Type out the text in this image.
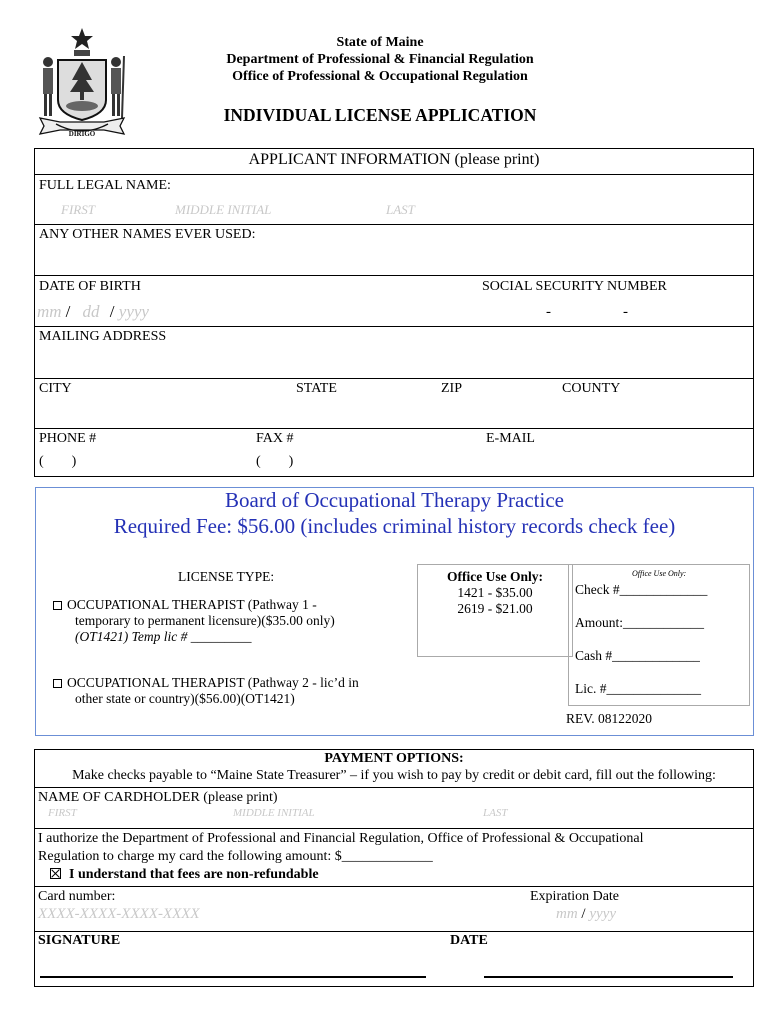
DIRIGO
State of Maine
Department of Professional & Financial Regulation
Office of Professional & Occupational Regulation
INDIVIDUAL LICENSE APPLICATION
APPLICANT INFORMATION (please print)
FULL LEGAL NAME:
FIRST	MIDDLE INITIAL	LAST
ANY OTHER NAMES EVER USED:
DATE OF BIRTH
mm / dd / yyyy
SOCIAL SECURITY NUMBER
-	-
MAILING ADDRESS
CITY	STATE	ZIP	COUNTY
PHONE #
(        )
FAX #
(        )
E-MAIL
Board of Occupational Therapy Practice
Required Fee: $56.00 (includes criminal history records check fee)
LICENSE TYPE:
OCCUPATIONAL THERAPIST (Pathway 1 -
temporary to permanent licensure)($35.00 only)
(OT1421) Temp lic # _________
OCCUPATIONAL THERAPIST (Pathway 2 - lic’d in
other state or country)($56.00)(OT1421)
Office Use Only:
1421 - $35.00
2619 - $21.00
Office Use Only:
Check #_____________
Amount:____________
Cash #_____________
Lic. #______________
REV. 08122020
PAYMENT OPTIONS:
Make checks payable to “Maine State Treasurer” – if you wish to pay by credit or debit card, fill out the following:
NAME OF CARDHOLDER (please print)
FIRST	MIDDLE INITIAL	LAST
I authorize the Department of Professional and Financial Regulation, Office of Professional & Occupational
Regulation to charge my card the following amount: $_____________
I understand that fees are non-refundable
Card number:
XXXX-XXXX-XXXX-XXXX
Expiration Date
mm / yyyy
SIGNATURE	DATE
